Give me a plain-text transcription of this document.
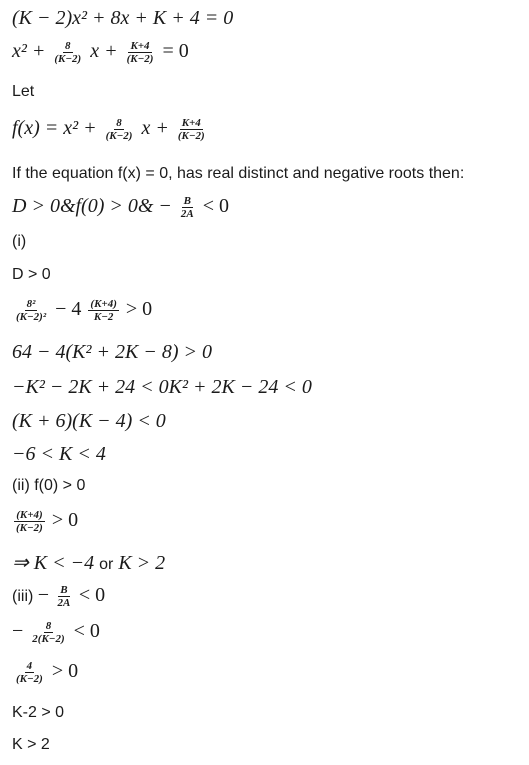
(K − 2)x² + 8x + K + 4 = 0
$x^2 + \frac{8}{(K-2)}$ $x + \frac{K+4}{(K-2)} = 0$
Let
$f(x) = x^2 + \frac{8}{(K-2)}$ $x + \frac{K+4}{(K-2)}$
If the equation f(x) = 0, has real distinct and negative roots then:
D > 0&f(0) > 0& − $\frac{B}{2A} < 0$
(i)
D > 0
$\frac{\text{8²}}{\text{(K−2)²}} - 4 \frac{(K+4)}{K-2} > 0$
64 − 4(K² + 2K − 8) > 0
−K² − 2K + 24 < 0K² + 2K − 24 < 0
(K + 6)(K − 4) < 0
−6 < K < 4
(ii) f(0) > 0
$\frac{(K+4)}{(K-2)} > 0$
⇒ K < −4 or K > 2
$(iii) - \frac{B}{2A} < 0$
− $\frac{8}{2(K-2)} < 0$
$\frac{4}{(K-2)} > 0$
K-2 > 0
K > 2
